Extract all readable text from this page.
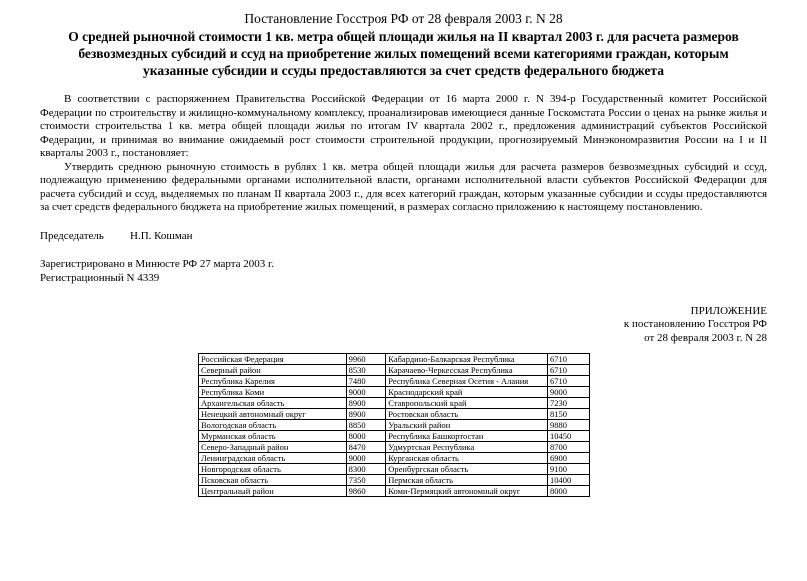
Постановление Госстроя РФ от 28 февраля 2003 г. N 28
О средней рыночной стоимости 1 кв. метра общей площади жилья на II квартал 2003 г. для расчета размеров безвозмездных субсидий и ссуд на приобретение жилых помещений всеми категориями граждан, которым указанные субсидии и ссуды предоставляются за счет средств федерального бюджета

В соответствии с распоряжением Правительства Российской Федерации от 16 марта 2000 г. N 394-р Государственный комитет Российской Федерации по строительству и жилищно-коммунальному комплексу, проанализировав имеющиеся данные Госкомстата России о ценах на рынке жилья и стоимости строительства 1 кв. метра общей площади жилья по итогам IV квартала 2002 г., предложения администраций субъектов Российской Федерации, и принимая во внимание ожидаемый рост стоимости строительной продукции, прогнозируемый Минэкономразвития России на I и II кварталы 2003 г., постановляет:

Утвердить среднюю рыночную стоимость в рублях 1 кв. метра общей площади жилья для расчета размеров безвозмездных субсидий и ссуд, подлежащую применению федеральными органами исполнительной власти, органами исполнительной власти субъектов Российской Федерации для расчета субсидий и ссуд, выделяемых по планам II квартала 2003 г., для всех категорий граждан, которым указанные субсидии и ссуды предоставляются за счет средств федерального бюджета на приобретение жилых помещений, в размерах согласно приложению к настоящему постановлению.

Председатель	Н.П. Кошман
Зарегистрировано в Минюсте РФ 27 марта 2003 г.
Регистрационный N 4339
ПРИЛОЖЕНИЕ
к постановлению Госстроя РФ
от 28 февраля 2003 г. N 28
Российская Федерация	9960	Кабардино-Балкарская Республика	6710
Северный район	8530	Карачаево-Черкесская Республика	6710
Республика Карелия	7480	Республика Северная Осетия - Алания	6710
Республика Коми	9000	Краснодарский край	9000
Архангельская область	8900	Ставропольский край	7230
Ненецкий автономный округ	8900	Ростовская область	8150
Вологодская область	8850	Уральский район	9880
Мурманская область	8000	Республика Башкортостан	10450
Северо-Западный район	8470	Удмуртская Республика	8700
Ленинградская область	9000	Курганская область	6900
Новгородская область	8300	Оренбургская область	9100
Псковская область	7350	Пермская область	10400
Центральный район	9860	Коми-Пермяцкий автономный округ	8000
